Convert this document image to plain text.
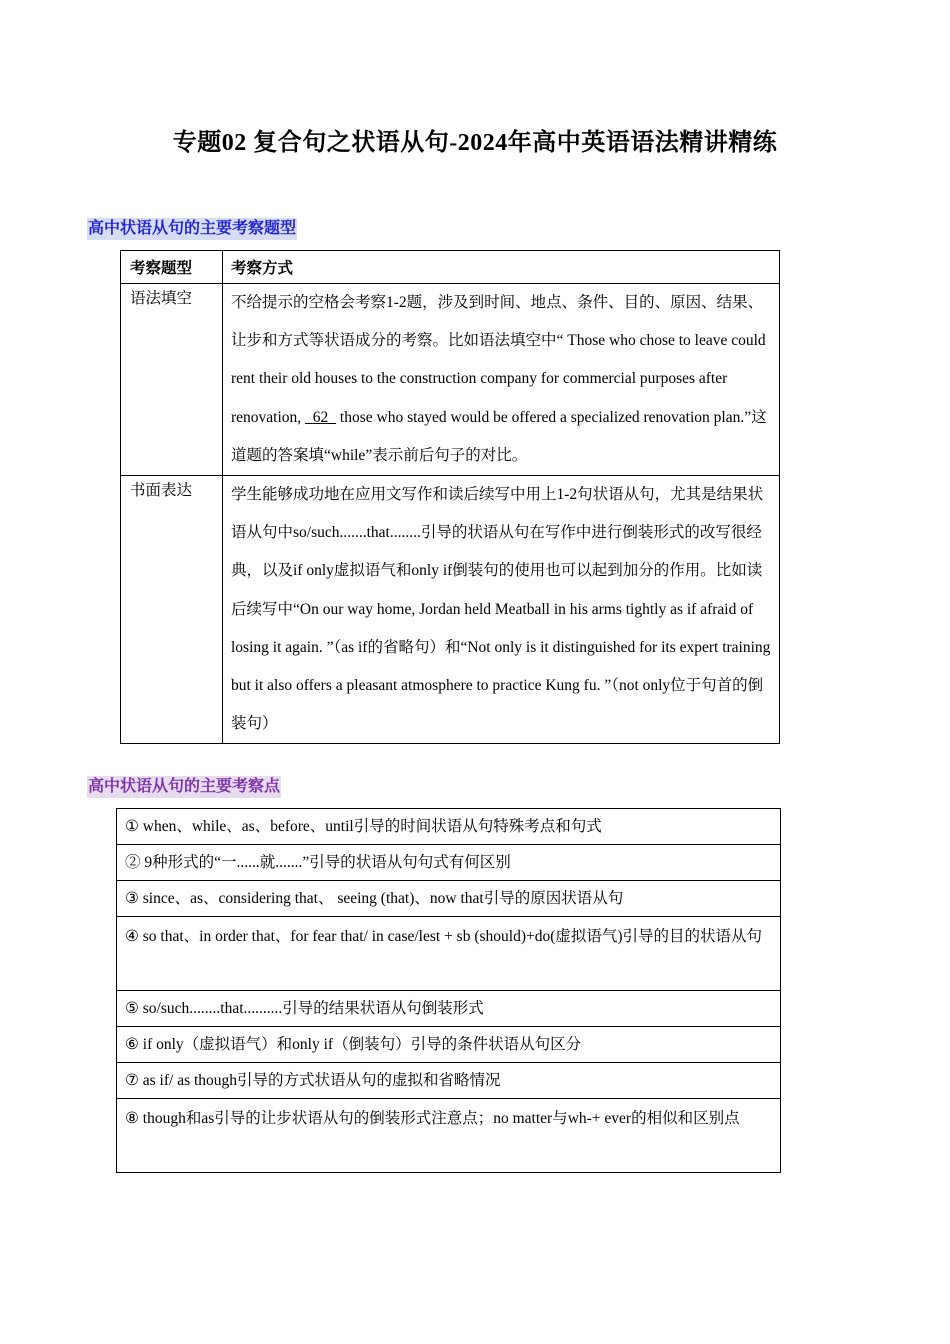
专题02 复合句之状语从句-2024年高中英语语法精讲精练
高中状语从句的主要考察题型
考察题型	考察方式
语法填空	不给提示的空格会考察1-2题，涉及到时间、地点、条件、目的、原因、结果、让步和方式等状语成分的考察。比如语法填空中“ Those who chose to leave could rent their old houses to the construction company for commercial purposes after renovation,   62   those who stayed would be offered a specialized renovation plan.”这道题的答案填“while”表示前后句子的对比。
书面表达	学生能够成功地在应用文写作和读后续写中用上1-2句状语从句，尤其是结果状语从句中so/such.......that........引导的状语从句在写作中进行倒装形式的改写很经典，以及if only虚拟语气和only if倒装句的使用也可以起到加分的作用。比如读后续写中“On our way home, Jordan held Meatball in his arms tightly as if afraid of losing it again. ”（as if的省略句）和“Not only is it distinguished for its expert training but it also offers a pleasant atmosphere to practice Kung fu. ”（not only位于句首的倒装句）
高中状语从句的主要考察点
① when、while、as、before、until引导的时间状语从句特殊考点和句式
② 9种形式的“一......就.......”引导的状语从句句式有何区别
③ since、as、considering that、 seeing (that)、now that引导的原因状语从句
④ so that、in order that、for fear that/ in case/lest + sb (should)+do(虚拟语气)引导的目的状语从句
⑤ so/such........that..........引导的结果状语从句倒装形式
⑥ if only（虚拟语气）和only if（倒装句）引导的条件状语从句区分
⑦ as if/ as though引导的方式状语从句的虚拟和省略情况
⑧ though和as引导的让步状语从句的倒装形式注意点；no matter与wh-+ ever的相似和区别点
